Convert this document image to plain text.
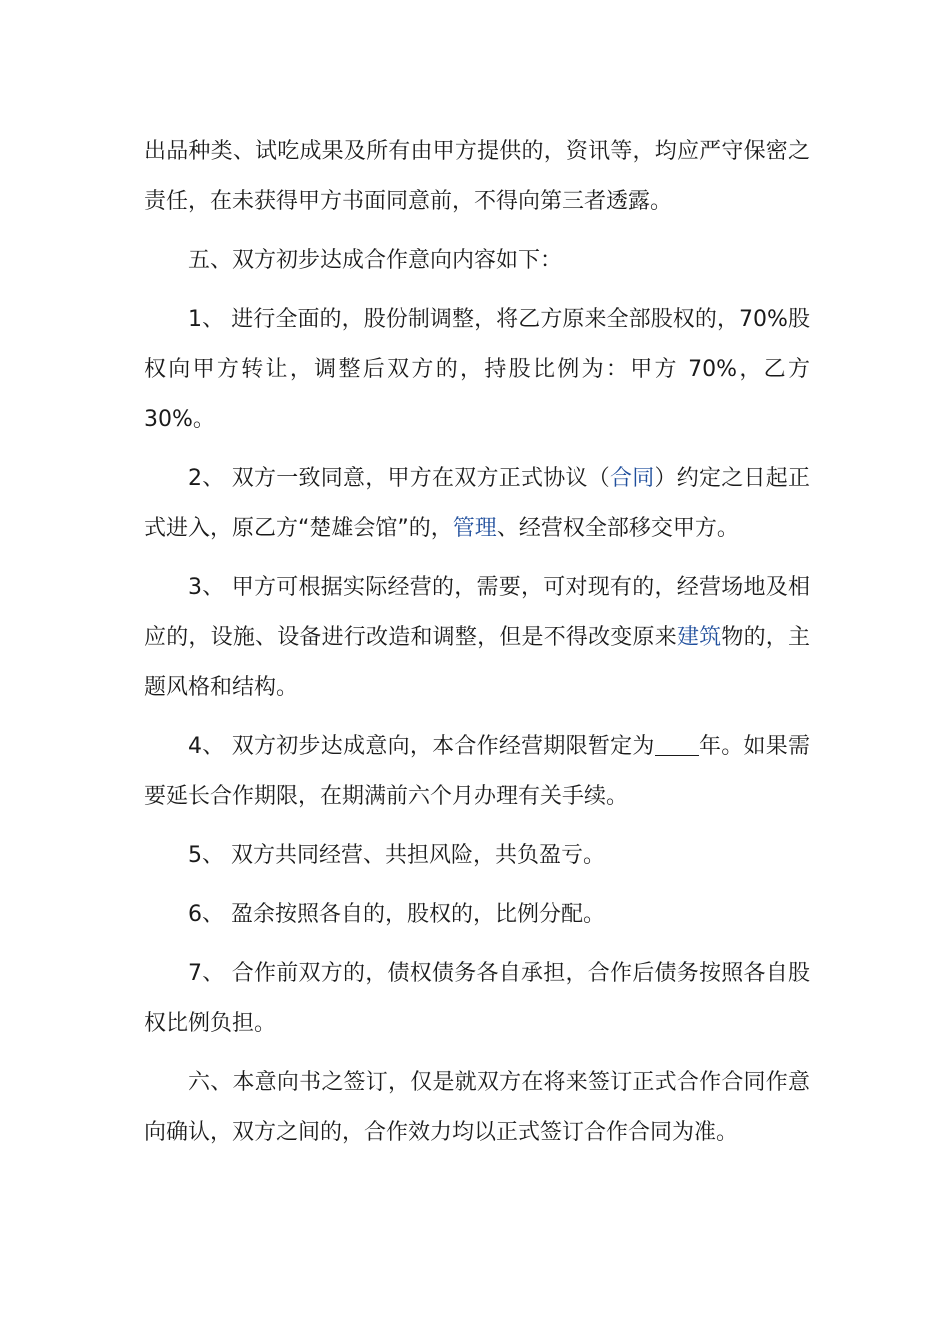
出品种类、试吃成果及所有由甲方提供的，资讯等，均应严守保密之责任，在未获得甲方书面同意前，不得向第三者透露。

五、双方初步达成合作意向内容如下：

1、 进行全面的，股份制调整，将乙方原来全部股权的，70%股权向甲方转让，调整后双方的，持股比例为：甲方 70%，乙方 30%。

2、 双方一致同意，甲方在双方正式协议（合同）约定之日起正式进入，原乙方“楚雄会馆”的，管理、经营权全部移交甲方。

3、 甲方可根据实际经营的，需要，可对现有的，经营场地及相应的，设施、设备进行改造和调整，但是不得改变原来建筑物的，主题风格和结构。

4、 双方初步达成意向，本合作经营期限暂定为 年。如果需要延长合作期限，在期满前六个月办理有关手续。

5、 双方共同经营、共担风险，共负盈亏。

6、 盈余按照各自的，股权的，比例分配。

7、 合作前双方的，债权债务各自承担，合作后债务按照各自股权比例负担。

六、本意向书之签订，仅是就双方在将来签订正式合作合同作意向确认，双方之间的，合作效力均以正式签订合作合同为准。
